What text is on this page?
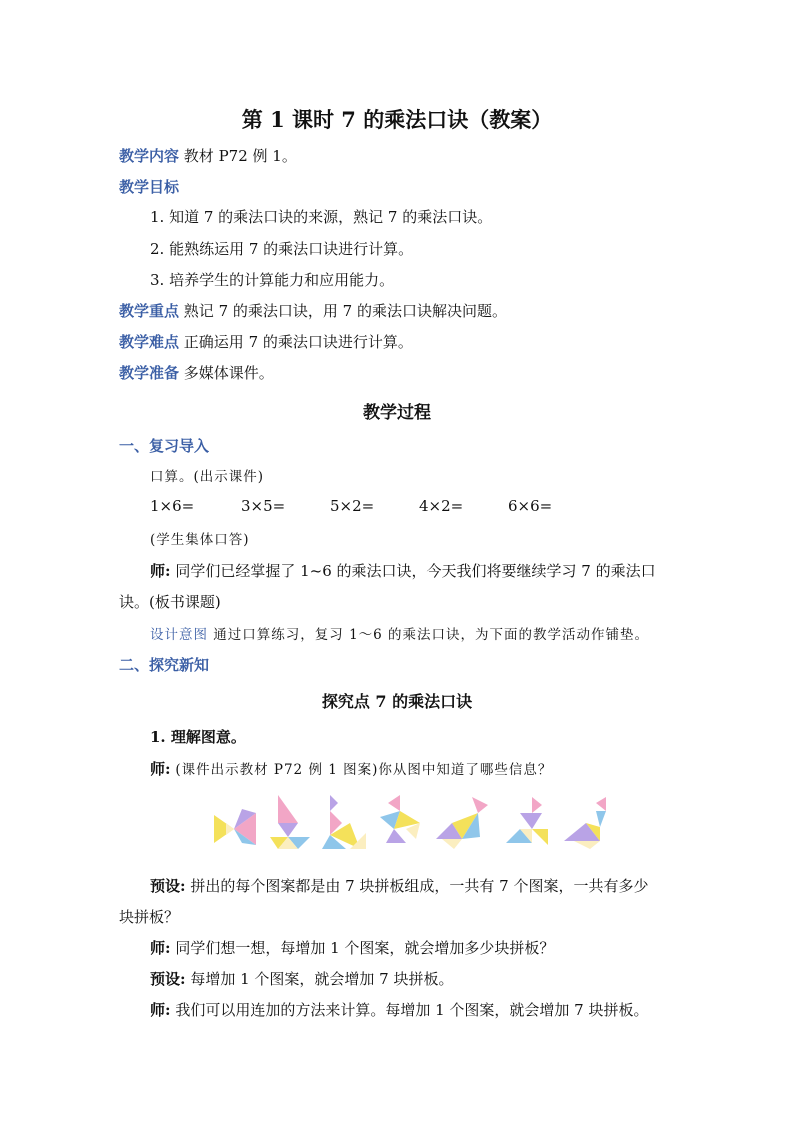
第 1 课时 7 的乘法口诀（教案）
教学内容 教材 P72 例 1。
教学目标
1. 知道 7 的乘法口诀的来源，熟记 7 的乘法口诀。
2. 能熟练运用 7 的乘法口诀进行计算。
3. 培养学生的计算能力和应用能力。
教学重点 熟记 7 的乘法口诀，用 7 的乘法口诀解决问题。
教学难点 正确运用 7 的乘法口诀进行计算。
教学准备 多媒体课件。
教学过程
一、复习导入
口算。(出示课件)
1×6=	3×5=	5×2=	4×2=	6×6=
(学生集体口答)
师: 同学们已经掌握了 1~6 的乘法口诀，今天我们将要继续学习 7 的乘法口
诀。(板书课题)
设计意图 通过口算练习，复习 1～6 的乘法口诀，为下面的教学活动作铺垫。
二、探究新知
探究点 7 的乘法口诀
1. 理解图意。
师: (课件出示教材 P72 例 1 图案)你从图中知道了哪些信息？
预设: 拼出的每个图案都是由 7 块拼板组成，一共有 7 个图案，一共有多少
块拼板？
师: 同学们想一想，每增加 1 个图案，就会增加多少块拼板？
预设: 每增加 1 个图案，就会增加 7 块拼板。
师: 我们可以用连加的方法来计算。每增加 1 个图案，就会增加 7 块拼板。
